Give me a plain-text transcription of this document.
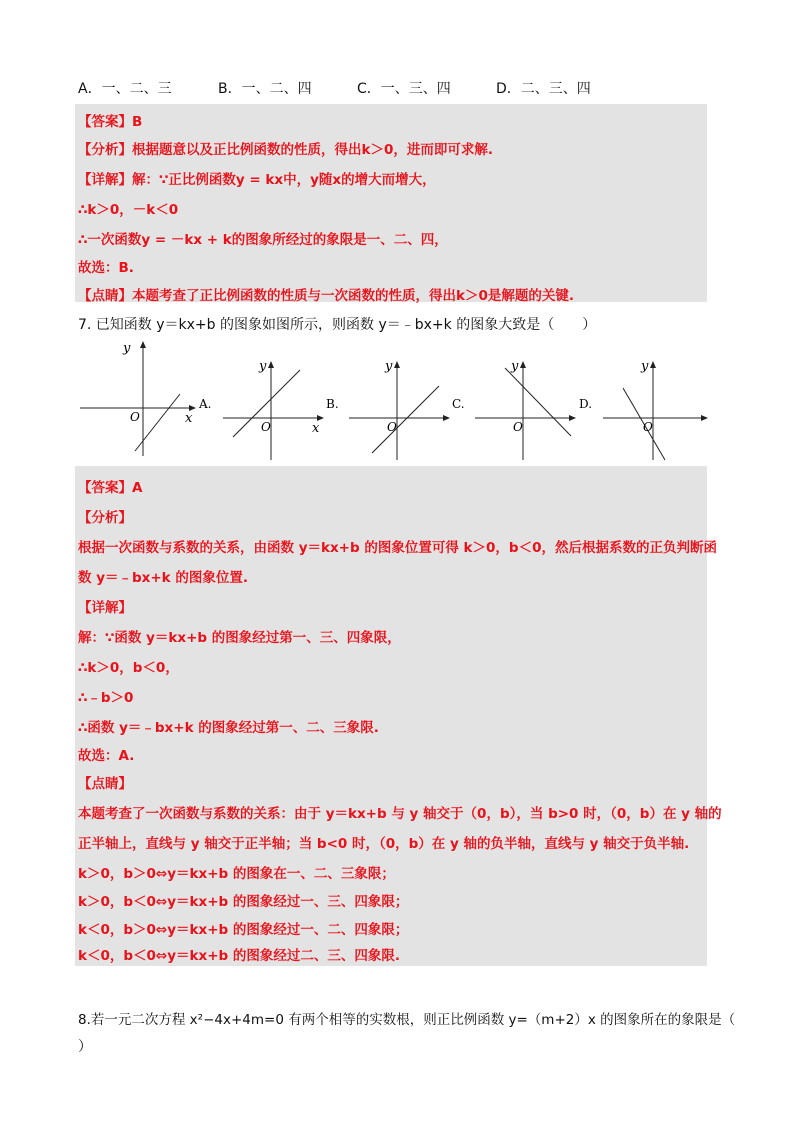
A．一、二、三	B．一、二、四	C．一、三、四	D．二、三、四
【答案】B
【分析】根据题意以及正比例函数的性质，得出k＞0，进而即可求解.
【详解】解：∵正比例函数y = kx中，y随x的增大而增大，
∴k＞0，－k＜0
∴一次函数y = －kx + k的图象所经过的象限是一、二、四，
故选：B.
【点睛】本题考查了正比例函数的性质与一次函数的性质，得出k＞0是解题的关键.
7. 已知函数 y＝kx+b 的图象如图所示，则函数 y＝﹣bx+k 的图象大致是（　　）
y
x
O
A.
y
x
O
B.
y
O
C.
y
O
D.
y
O
【答案】A
【分析】
根据一次函数与系数的关系，由函数 y＝kx+b 的图象位置可得 k＞0，b＜0，然后根据系数的正负判断函
数 y＝﹣bx+k 的图象位置.
【详解】
解：∵函数 y＝kx+b 的图象经过第一、三、四象限，
∴k＞0，b＜0，
∴﹣b＞0
∴函数 y＝﹣bx+k 的图象经过第一、二、三象限.
故选：A.
【点睛】
本题考查了一次函数与系数的关系：由于 y＝kx+b 与 y 轴交于（0，b），当 b>0 时，（0，b）在 y 轴的
正半轴上，直线与 y 轴交于正半轴；当 b<0 时，（0，b）在 y 轴的负半轴，直线与 y 轴交于负半轴.
k＞0，b＞0⇔y＝kx+b 的图象在一、二、三象限；
k＞0，b＜0⇔y＝kx+b 的图象经过一、三、四象限；
k＜0，b＞0⇔y＝kx+b 的图象经过一、二、四象限；
k＜0，b＜0⇔y＝kx+b 的图象经过二、三、四象限.
8.若一元二次方程 x²−4x+4m=0 有两个相等的实数根，则正比例函数 y=（m+2）x 的图象所在的象限是（
）
